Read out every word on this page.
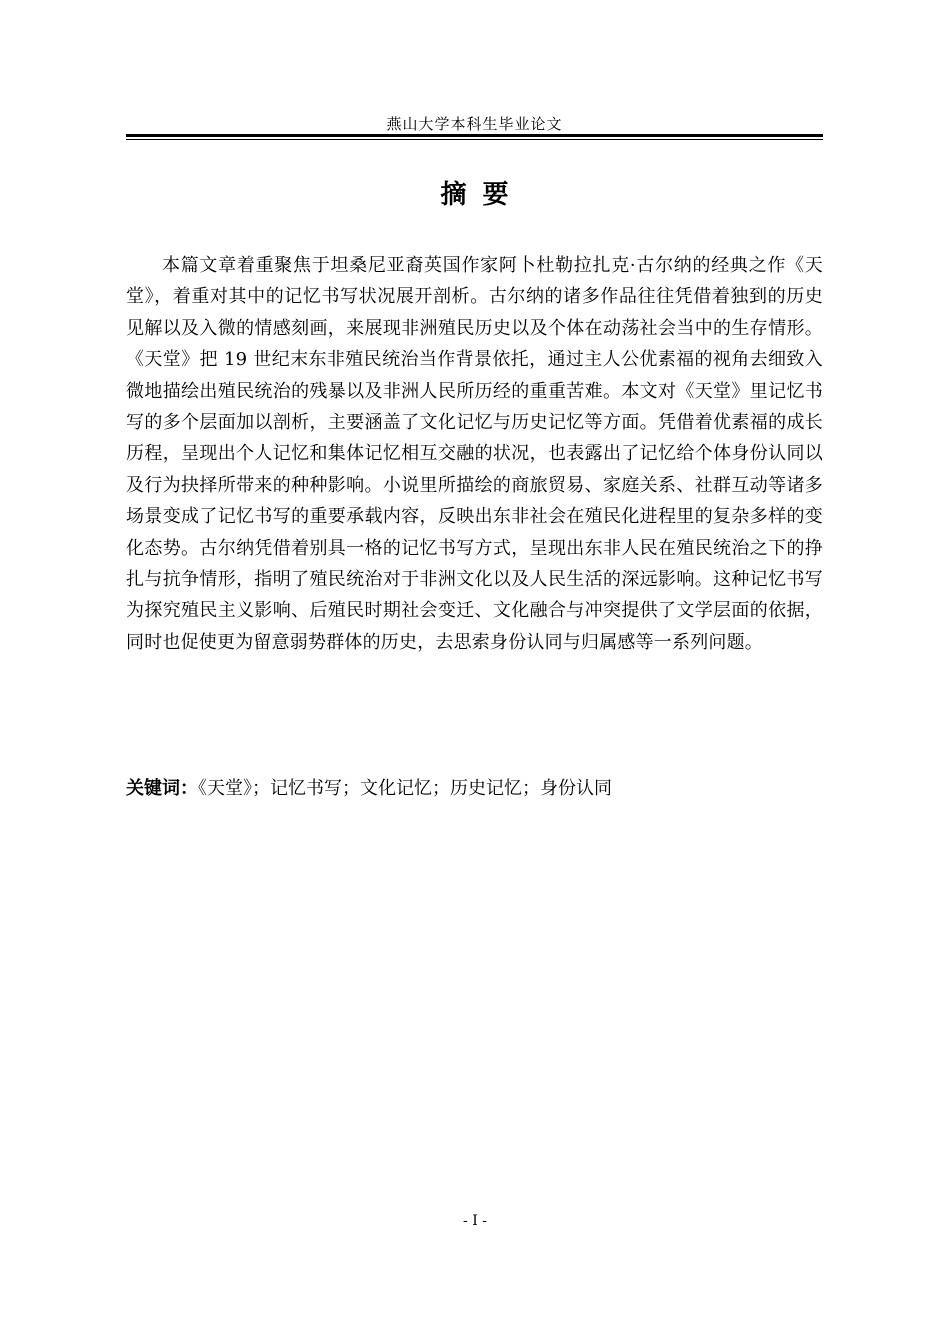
燕山大学本科生毕业论文
摘要

本篇文章着重聚焦于坦桑尼亚裔英国作家阿卜杜勒拉扎克·古尔纳的经典之作《天堂》，着重对其中的记忆书写状况展开剖析。古尔纳的诸多作品往往凭借着独到的历史见解以及入微的情感刻画，来展现非洲殖民历史以及个体在动荡社会当中的生存情形。《天堂》把 19 世纪末东非殖民统治当作背景依托，通过主人公优素福的视角去细致入微地描绘出殖民统治的残暴以及非洲人民所历经的重重苦难。本文对《天堂》里记忆书写的多个层面加以剖析，主要涵盖了文化记忆与历史记忆等方面。凭借着优素福的成长历程，呈现出个人记忆和集体记忆相互交融的状况，也表露出了记忆给个体身份认同以及行为抉择所带来的种种影响。小说里所描绘的商旅贸易、家庭关系、社群互动等诸多场景变成了记忆书写的重要承载内容，反映出东非社会在殖民化进程里的复杂多样的变化态势。古尔纳凭借着别具一格的记忆书写方式，呈现出东非人民在殖民统治之下的挣扎与抗争情形，指明了殖民统治对于非洲文化以及人民生活的深远影响。这种记忆书写为探究殖民主义影响、后殖民时期社会变迁、文化融合与冲突提供了文学层面的依据，同时也促使更为留意弱势群体的历史，去思索身份认同与归属感等一系列问题。

关键词：《天堂》；记忆书写；文化记忆；历史记忆；身份认同
- I -
